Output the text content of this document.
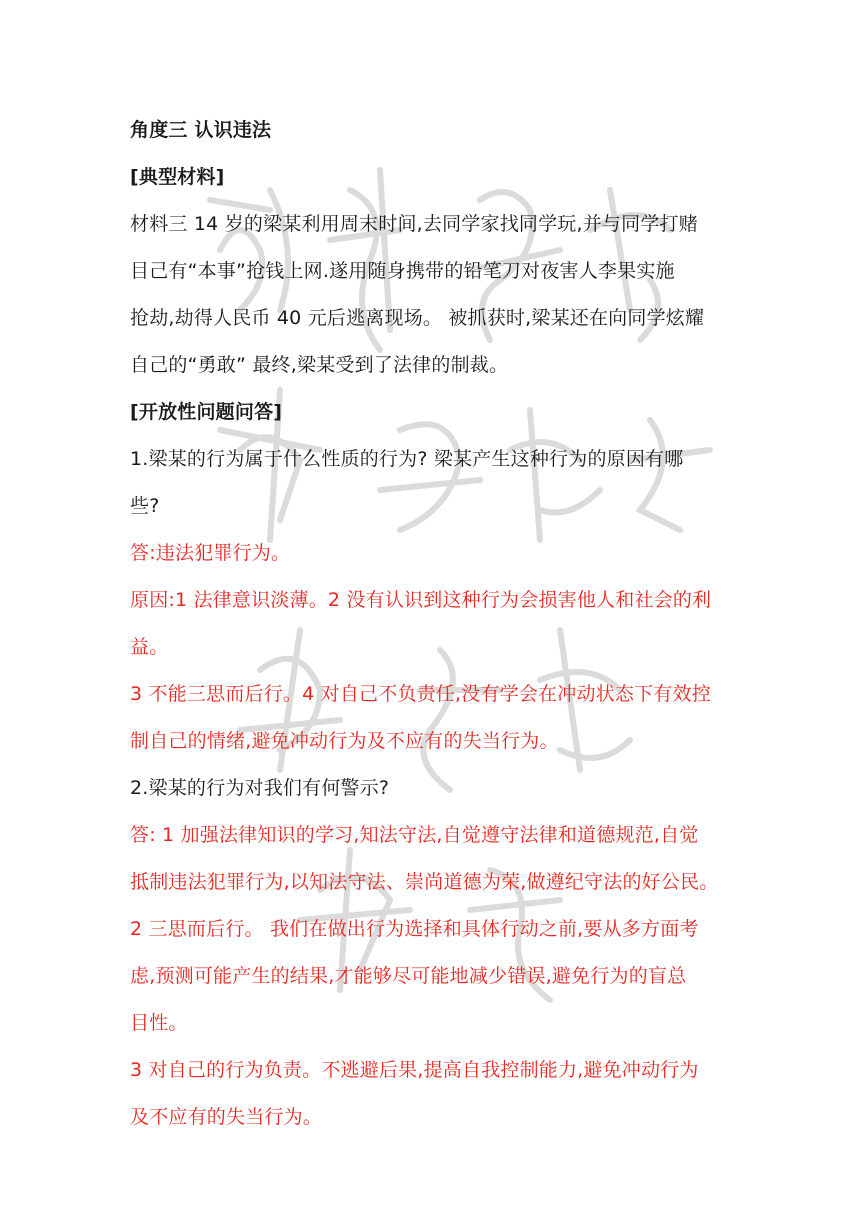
角度三 认识违法
[典型材料]
材料三 14 岁的梁某利用周末时间,去同学家找同学玩,并与同学打赌
目己有“本事”抢钱上网.遂用随身携带的铅笔刀对夜害人李果实施
抢劫,劫得人民币 40 元后逃离现场。 被抓获时,梁某还在向同学炫耀
自己的“勇敢” 最终,梁某受到了法律的制裁。
[开放性问题问答]
1.梁某的行为属于什么性质的行为? 梁某产生这种行为的原因有哪
些?
答:违法犯罪行为。
原因:1 法律意识淡薄。2 没有认识到这种行为会损害他人和社会的利
益。
3 不能三思而后行。4 对自己不负责任,没有学会在冲动状态下有效控
制自己的情绪,避免冲动行为及不应有的失当行为。
2.梁某的行为对我们有何警示?
答: 1 加强法律知识的学习,知法守法,自觉遵守法律和道德规范,自觉
抵制违法犯罪行为,以知法守法、崇尚道德为荣,做遵纪守法的好公民。
2 三思而后行。 我们在做出行为选择和具体行动之前,要从多方面考
虑,预测可能产生的结果,才能够尽可能地减少错误,避免行为的盲总
目性。
3 对自己的行为负责。不逃避后果,提高自我控制能力,避免冲动行为
及不应有的失当行为。
